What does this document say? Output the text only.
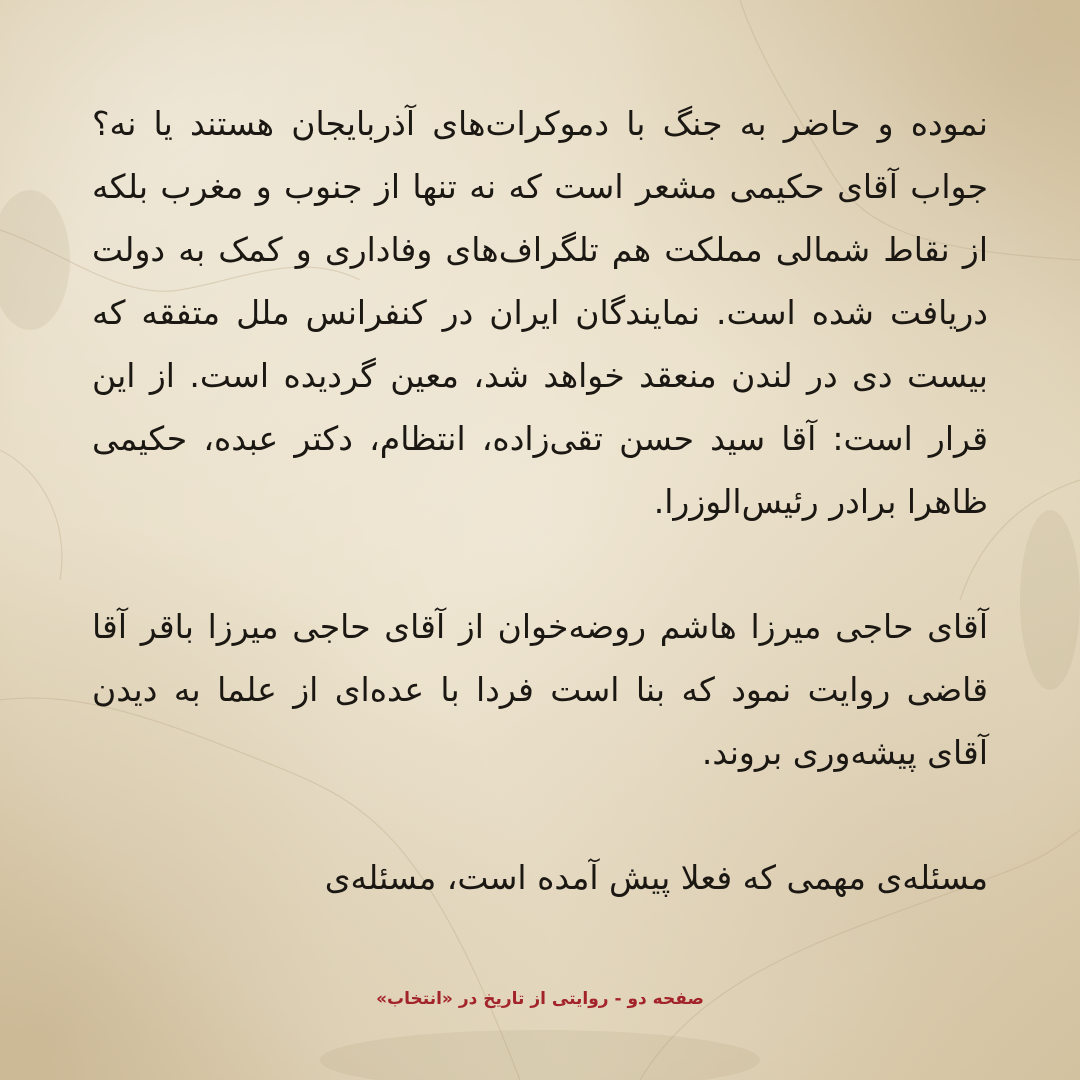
نموده و حاضر به جنگ با دموکرات‌های آذربایجان هستند یا نه؟ جواب آقای حکیمی مشعر است که نه تنها از جنوب و مغرب بلکه از نقاط شمالی مملکت هم تلگراف‌های وفاداری و کمک به دولت دریافت شده است. نمایندگان ایران در کنفرانس ملل متفقه که بیست دی در لندن منعقد خواهد شد، معین گردیده است. از این قرار است: آقا سید حسن تقی‌زاده، انتظام، دکتر عبده، حکیمی ظاهرا برادر رئیس‌الوزرا.

آقای حاجی میرزا هاشم روضه‌خوان از آقای حاجی میرزا باقر آقا قاضی روایت نمود که بنا است فردا با عده‌ای از علما به دیدن آقای پیشه‌وری بروند.

مسئله‌ی مهمی که فعلا پیش آمده است، مسئله‌ی

صفحه دو - روایتی از تاریخ در «انتخاب»
